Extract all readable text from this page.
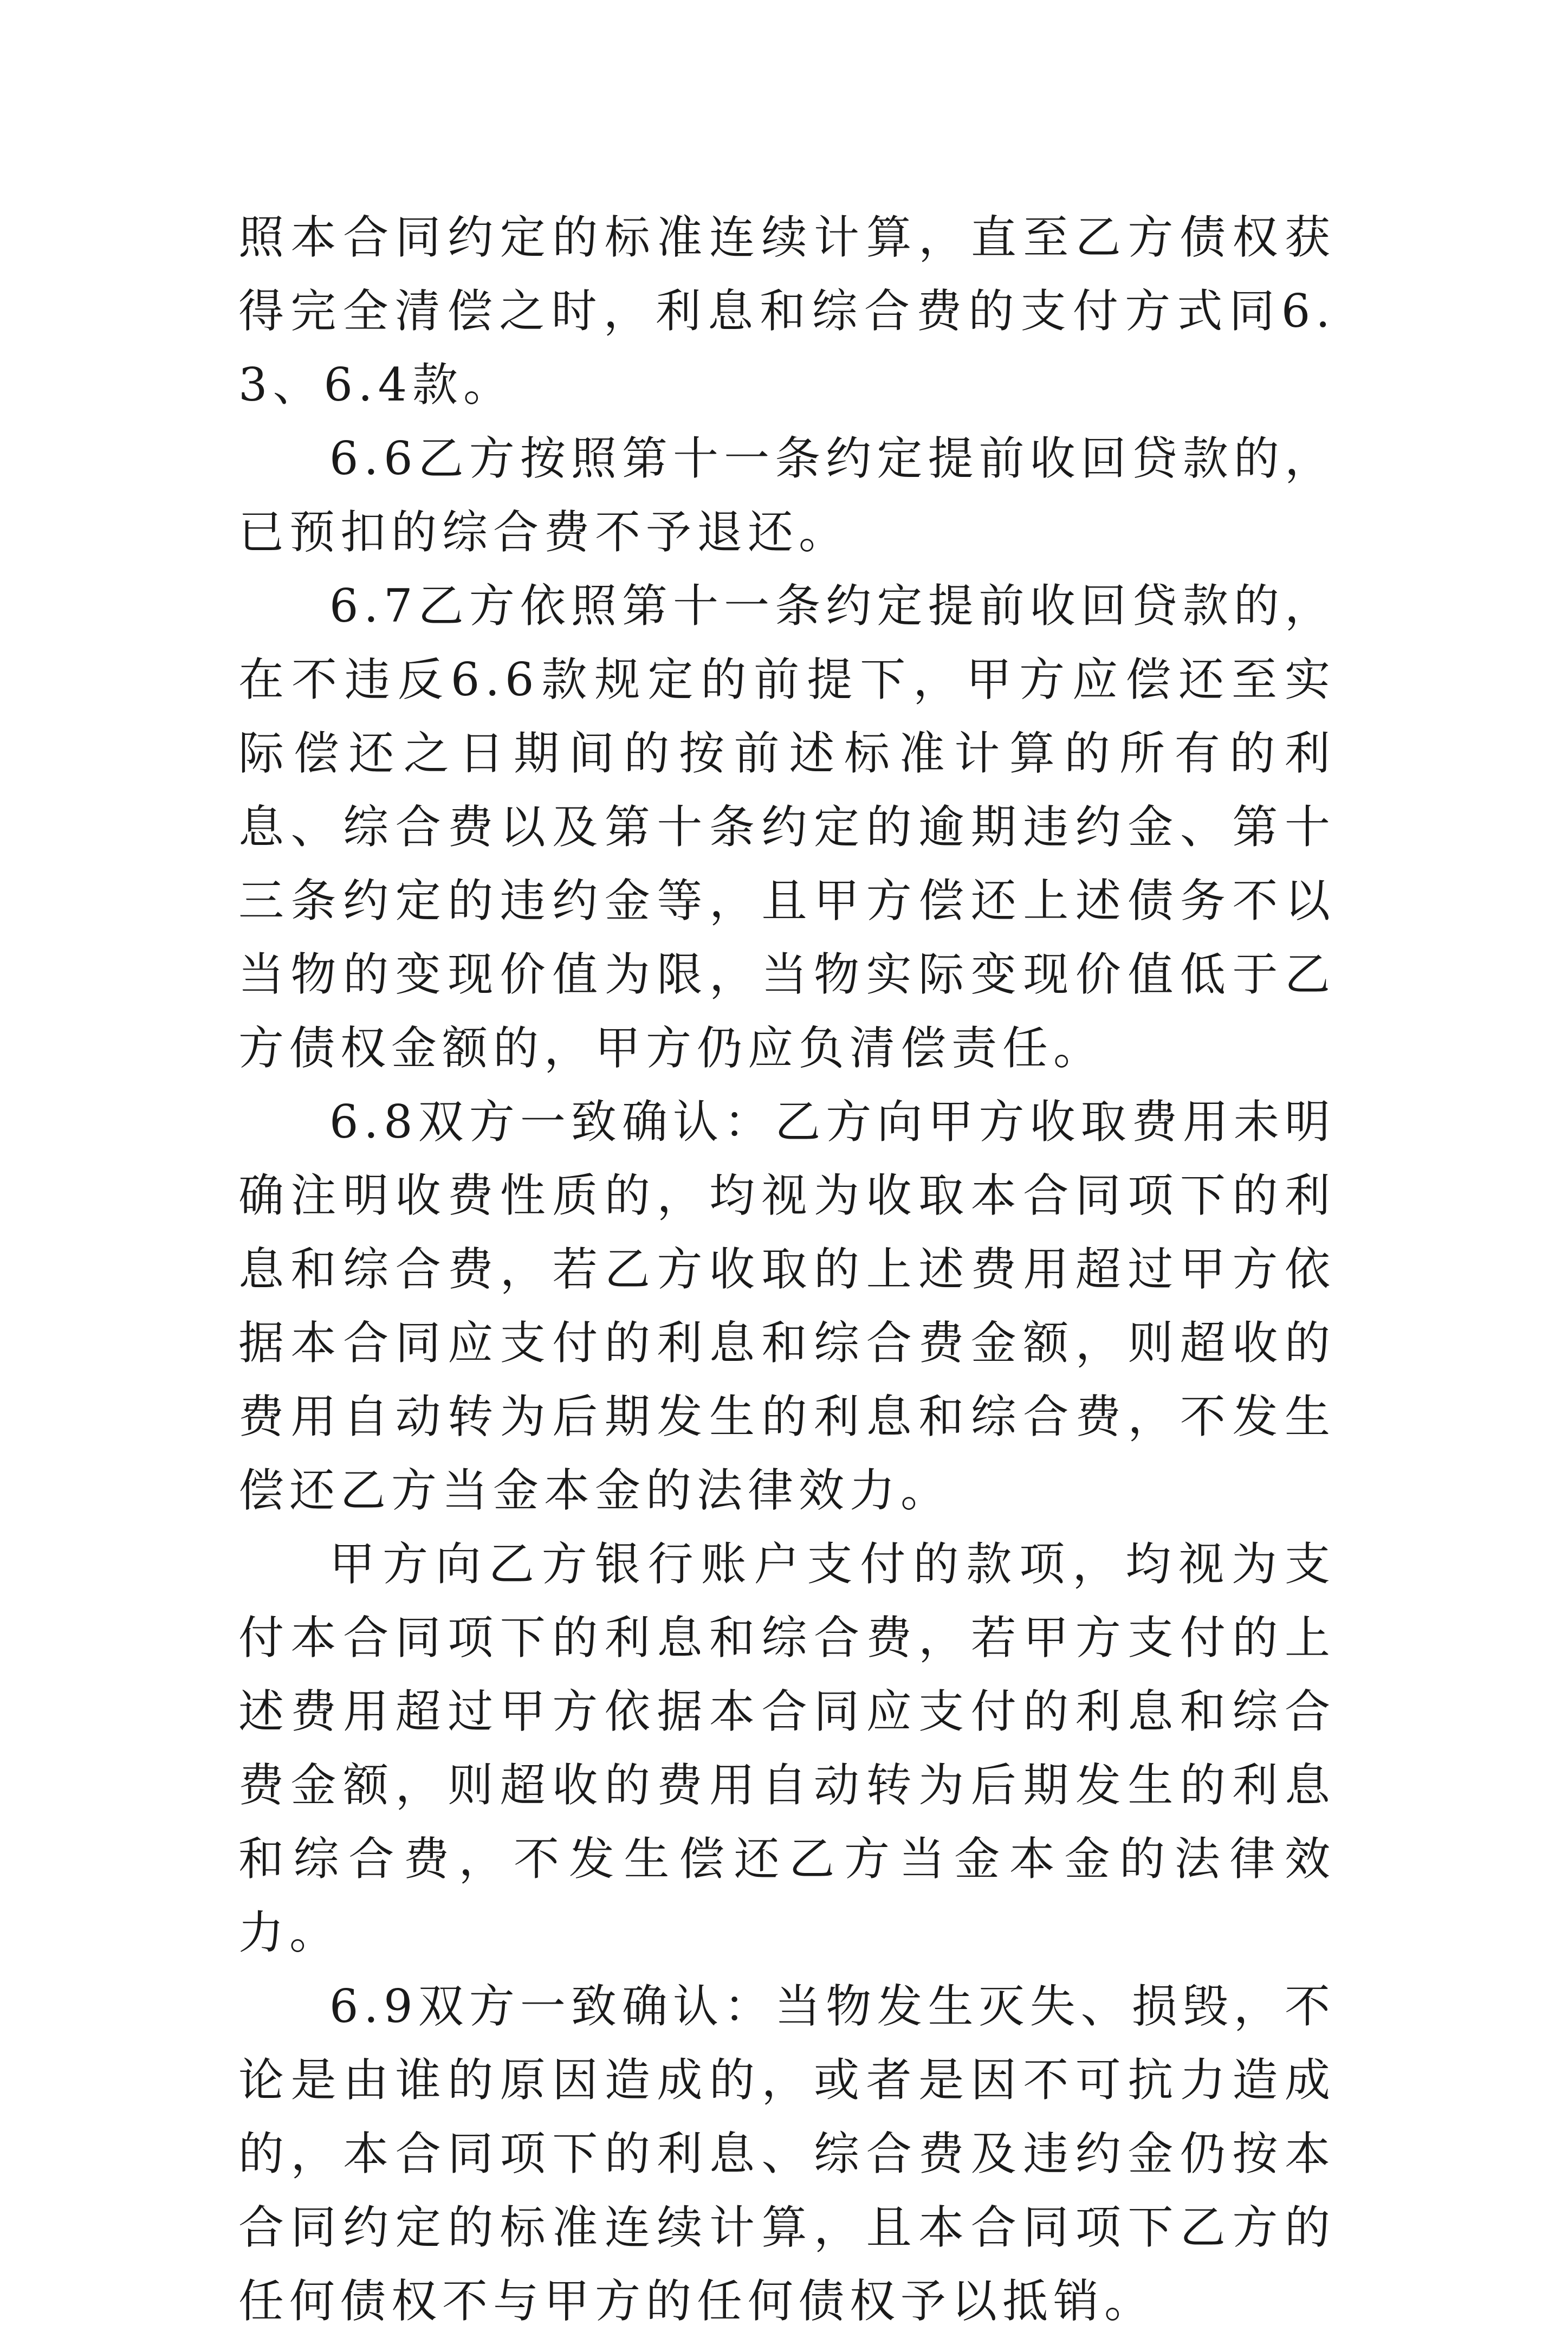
照本合同约定的标准连续计算，直至乙方债权获得完全清偿之时，利息和综合费的支付方式同6.3、6.4款。

6.6乙方按照第十一条约定提前收回贷款的，已预扣的综合费不予退还。

6.7乙方依照第十一条约定提前收回贷款的，在不违反6.6款规定的前提下，甲方应偿还至实际偿还之日期间的按前述标准计算的所有的利息、综合费以及第十条约定的逾期违约金、第十三条约定的违约金等，且甲方偿还上述债务不以当物的变现价值为限，当物实际变现价值低于乙方债权金额的，甲方仍应负清偿责任。

6.8双方一致确认：乙方向甲方收取费用未明确注明收费性质的，均视为收取本合同项下的利息和综合费，若乙方收取的上述费用超过甲方依据本合同应支付的利息和综合费金额，则超收的费用自动转为后期发生的利息和综合费，不发生偿还乙方当金本金的法律效力。

甲方向乙方银行账户支付的款项，均视为支付本合同项下的利息和综合费，若甲方支付的上述费用超过甲方依据本合同应支付的利息和综合费金额，则超收的费用自动转为后期发生的利息和综合费，不发生偿还乙方当金本金的法律效力。

6.9双方一致确认：当物发生灭失、损毁，不论是由谁的原因造成的，或者是因不可抗力造成的，本合同项下的利息、综合费及违约金仍按本合同约定的标准连续计算，且本合同项下乙方的任何债权不与甲方的任何债权予以抵销。
